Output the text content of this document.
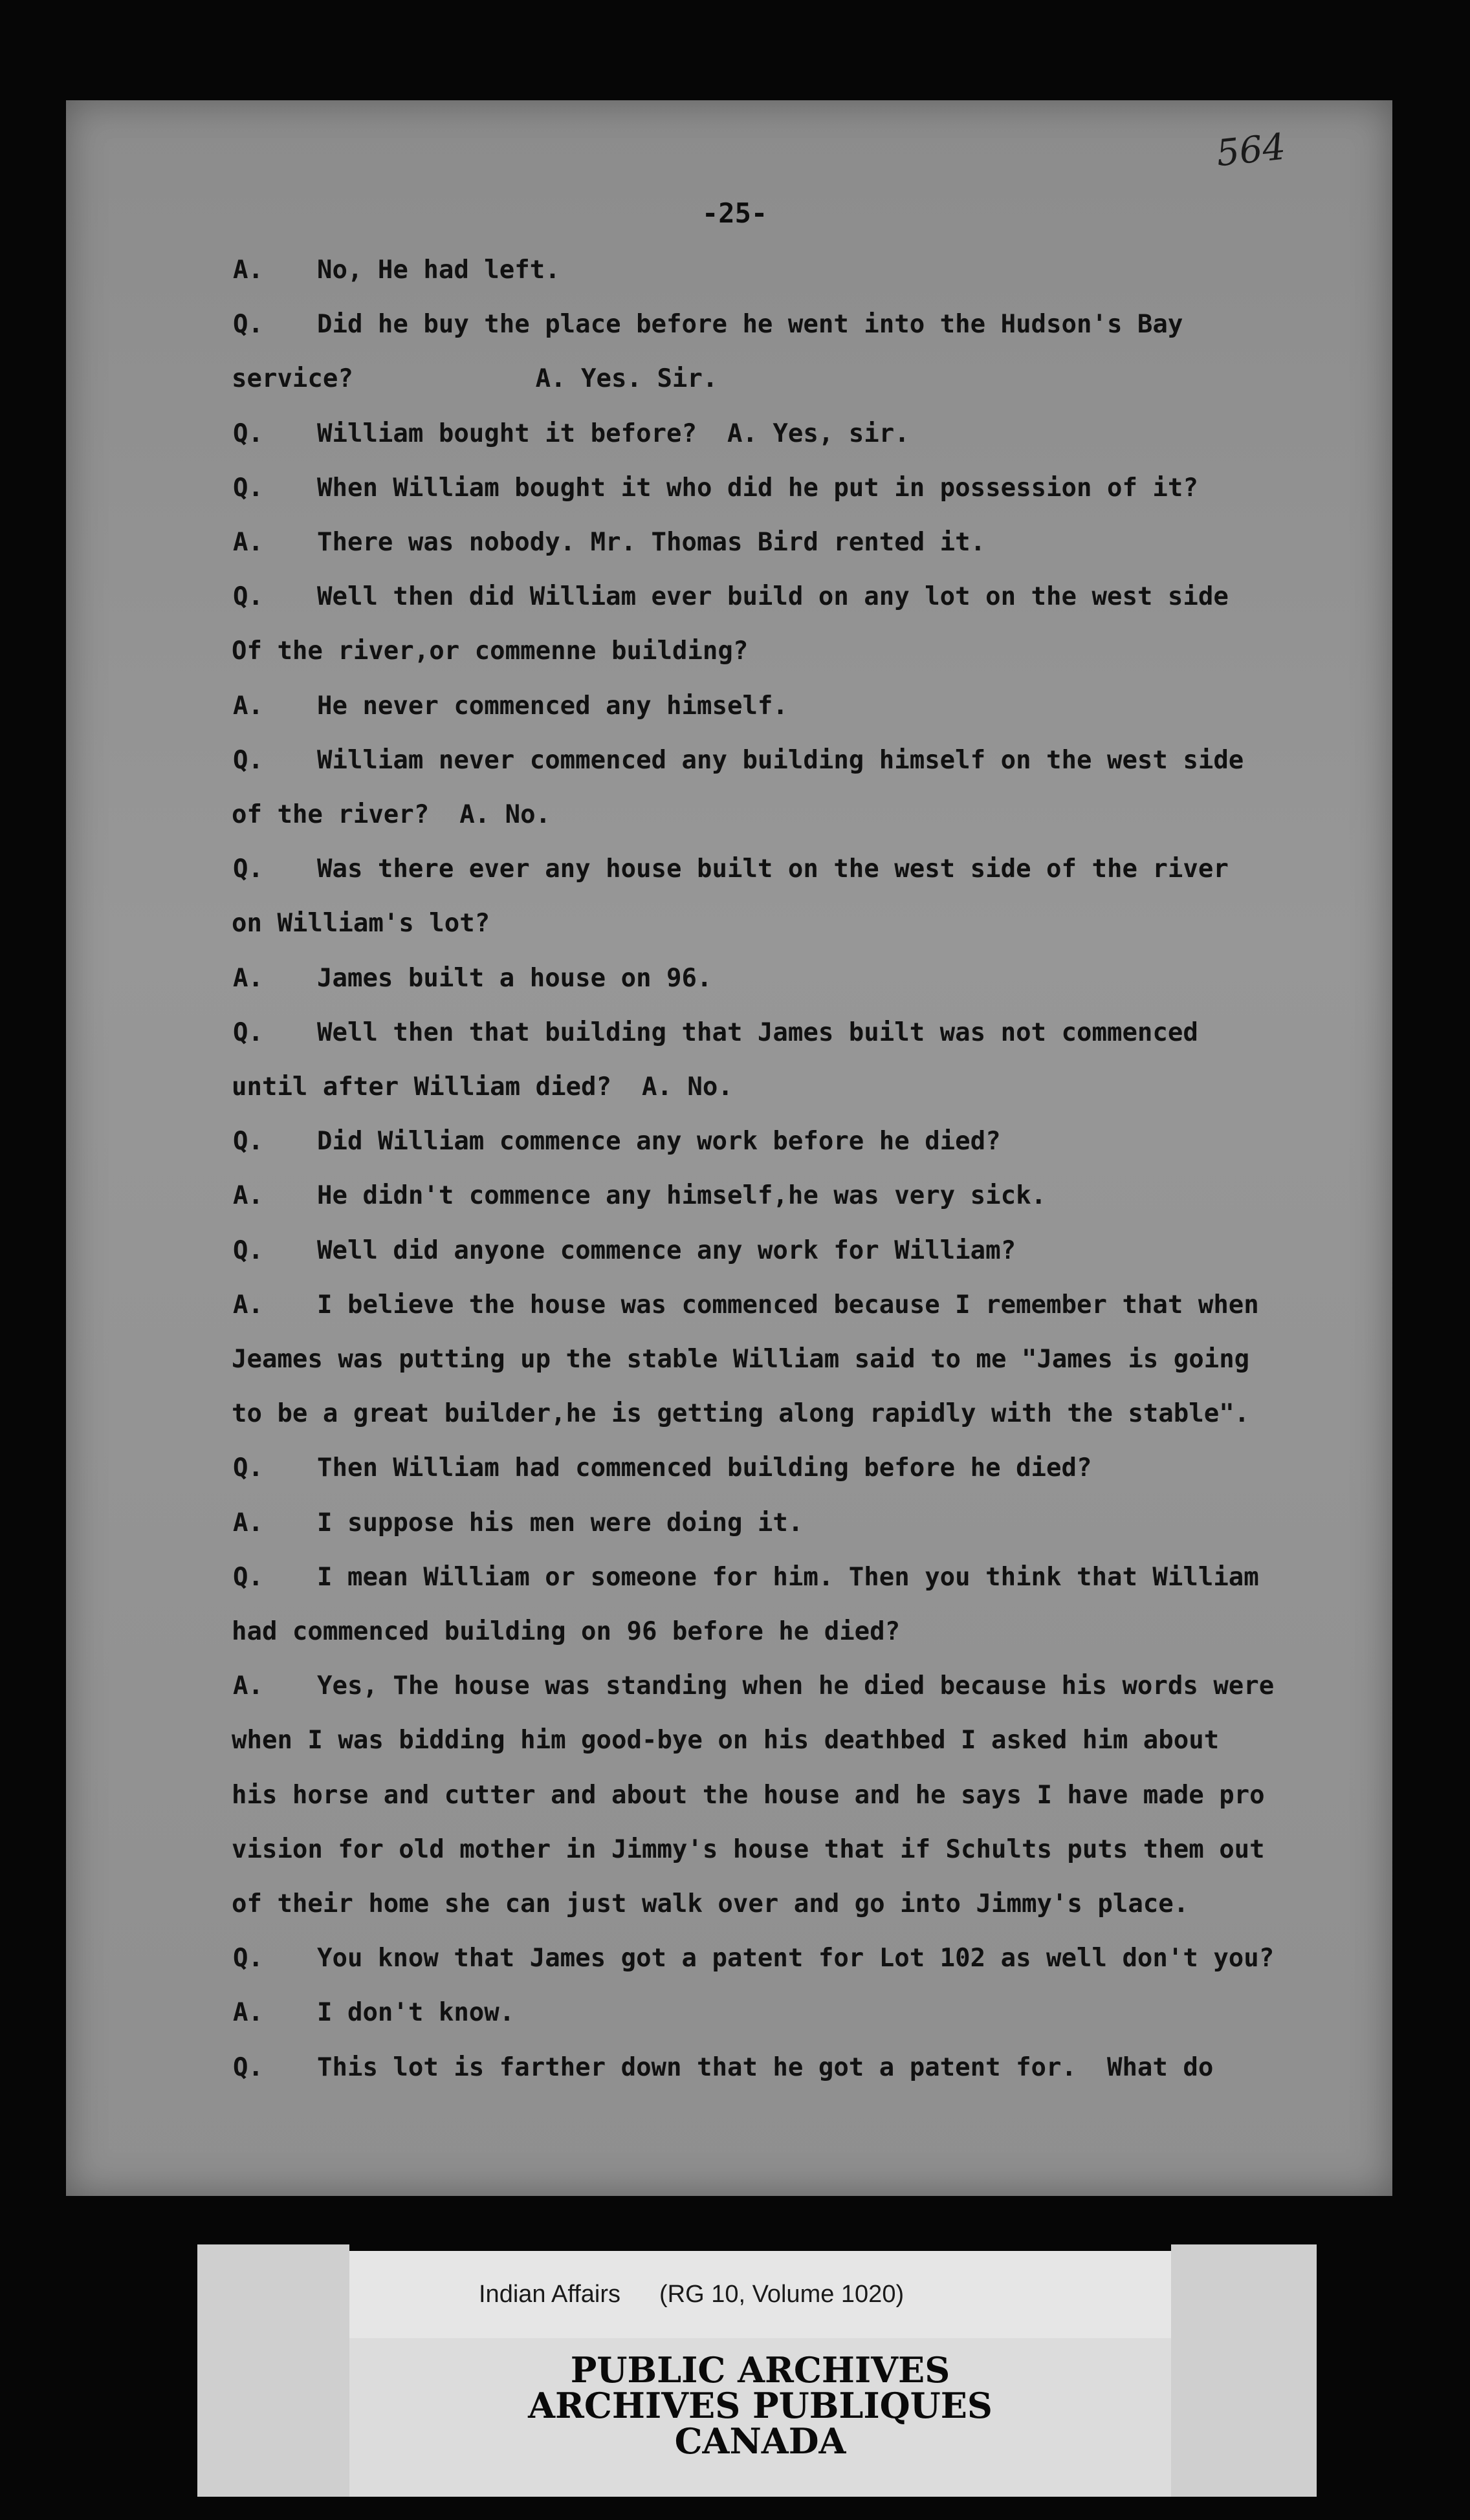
564
-25-
A. No, He had left.
Q. Did he buy the place before he went into the Hudson's Bay
service?            A. Yes. Sir.
Q. William bought it before?  A. Yes, sir.
Q. When William bought it who did he put in possession of it?
A. There was nobody. Mr. Thomas Bird rented it.
Q. Well then did William ever build on any lot on the west side
Of the river,or commenne building?
A. He never commenced any himself.
Q. William never commenced any building himself on the west side
of the river?  A. No.
Q. Was there ever any house built on the west side of the river
on William's lot?
A. James built a house on 96.
Q. Well then that building that James built was not commenced
until after William died?  A. No.
Q. Did William commence any work before he died?
A. He didn't commence any himself,he was very sick.
Q. Well did anyone commence any work for William?
A. I believe the house was commenced because I remember that when
Jeames was putting up the stable William said to me "James is going
to be a great builder,he is getting along rapidly with the stable".
Q. Then William had commenced building before he died?
A. I suppose his men were doing it.
Q. I mean William or someone for him. Then you think that William
had commenced building on 96 before he died?
A. Yes, The house was standing when he died because his words were
when I was bidding him good-bye on his deathbed I asked him about
his horse and cutter and about the house and he says I have made pro
vision for old mother in Jimmy's house that if Schults puts them out
of their home she can just walk over and go into Jimmy's place.
Q. You know that James got a patent for Lot 102 as well don't you?
A. I don't know.
Q. This lot is farther down that he got a patent for.  What do
Indian Affairs (RG 10, Volume 1020)
PUBLIC ARCHIVES
ARCHIVES PUBLIQUES
CANADA
